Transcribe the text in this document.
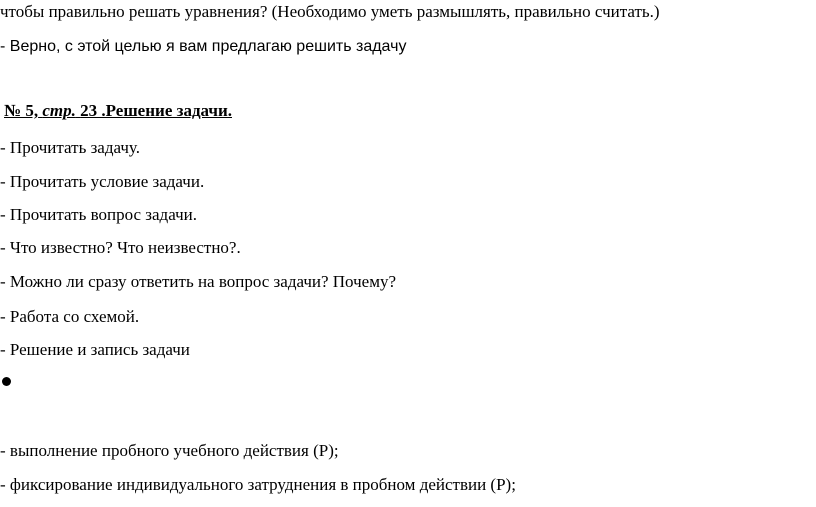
чтобы правильно решать уравнения? (Необходимо уметь размышлять, правильно считать.)
- Верно, с этой целью я вам предлагаю решить задачу
№ 5, стр. 23 .Решение задачи.
- Прочитать задачу.
- Прочитать условие задачи.
- Прочитать вопрос задачи.
- Что известно? Что неизвестно?.
- Можно ли сразу ответить на вопрос задачи? Почему?
- Работа со схемой.
- Решение и запись задачи
- выполнение пробного учебного действия (Р);
- фиксирование индивидуального затруднения в пробном действии (Р);
